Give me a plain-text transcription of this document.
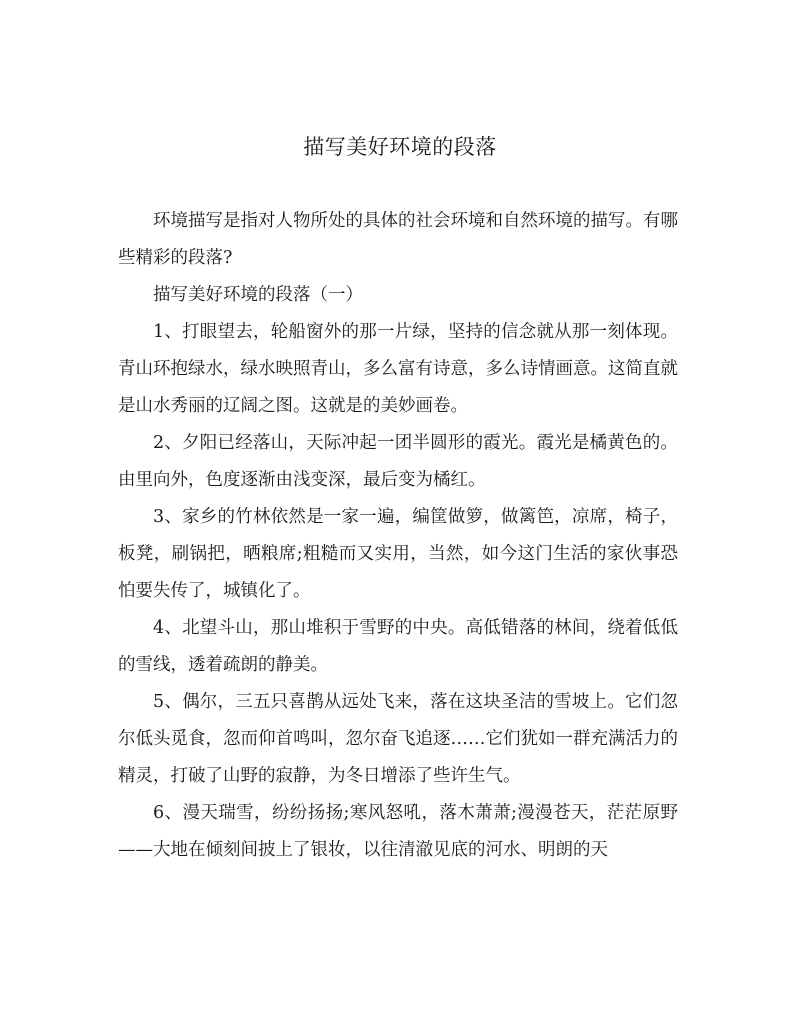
描写美好环境的段落

环境描写是指对人物所处的具体的社会环境和自然环境的描写。有哪些精彩的段落?

描写美好环境的段落（一）

1、打眼望去，轮船窗外的那一片绿，坚持的信念就从那一刻体现。青山环抱绿水，绿水映照青山，多么富有诗意，多么诗情画意。这简直就是山水秀丽的辽阔之图。这就是的美妙画卷。

2、夕阳已经落山，天际冲起一团半圆形的霞光。霞光是橘黄色的。由里向外，色度逐渐由浅变深，最后变为橘红。

3、家乡的竹林依然是一家一遍，编筐做箩，做篱笆，凉席，椅子，板凳，刷锅把，晒粮席;粗糙而又实用，当然，如今这门生活的家伙事恐怕要失传了，城镇化了。

4、北望斗山，那山堆积于雪野的中央。高低错落的林间，绕着低低的雪线，透着疏朗的静美。

5、偶尔，三五只喜鹊从远处飞来，落在这块圣洁的雪坡上。它们忽尔低头觅食，忽而仰首鸣叫，忽尔奋飞追逐……它们犹如一群充满活力的精灵，打破了山野的寂静，为冬日增添了些许生气。

6、漫天瑞雪，纷纷扬扬;寒风怒吼，落木萧萧;漫漫苍天，茫茫原野——大地在倾刻间披上了银妆，以往清澈见底的河水、明朗的天
